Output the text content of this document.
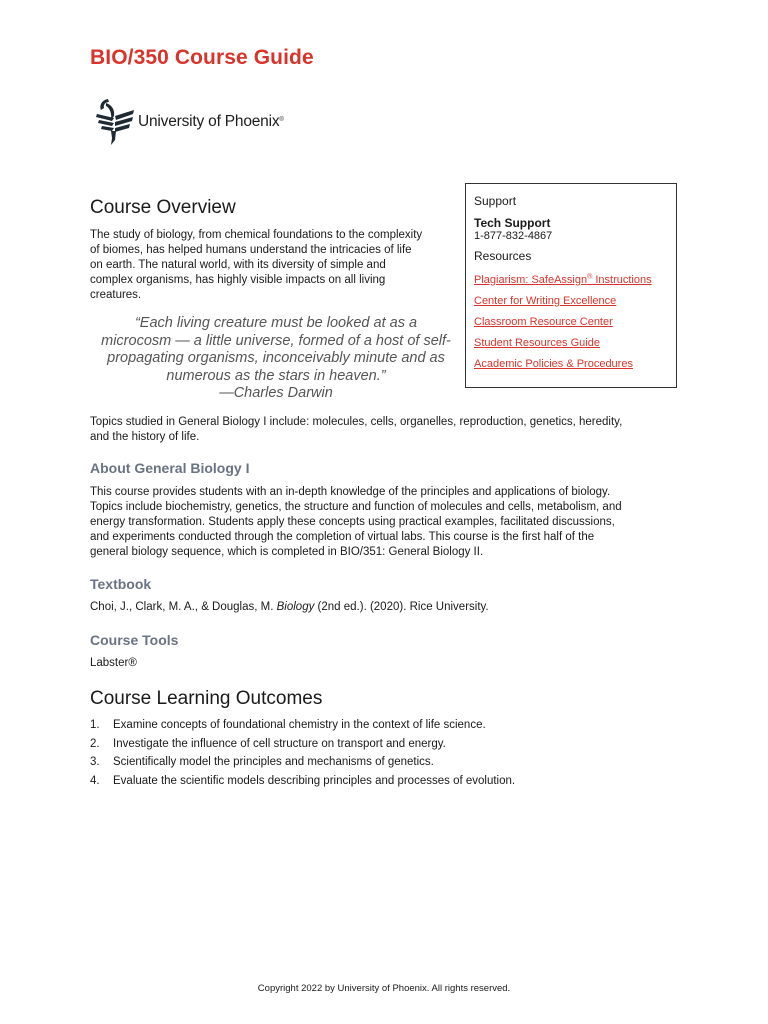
BIO/350 Course Guide
University of Phoenix®

Support

Tech Support

1-877-832-4867

Resources

Plagiarism: SafeAssign® Instructions
Center for Writing Excellence
Classroom Resource Center
Student Resources Guide
Academic Policies & Procedures
Course Overview

The study of biology, from chemical foundations to the complexity
of biomes, has helped humans understand the intricacies of life
on earth. The natural world, with its diversity of simple and
complex organisms, has highly visible impacts on all living
creatures.

“Each living creature must be looked at as a
microcosm — a little universe, formed of a host of self-
propagating organisms, inconceivably minute and as
numerous as the stars in heaven.”
—Charles Darwin

Topics studied in General Biology I include: molecules, cells, organelles, reproduction, genetics, heredity,
and the history of life.

About General Biology I

This course provides students with an in-depth knowledge of the principles and applications of biology.
Topics include biochemistry, genetics, the structure and function of molecules and cells, metabolism, and
energy transformation. Students apply these concepts using practical examples, facilitated discussions,
and experiments conducted through the completion of virtual labs. This course is the first half of the
general biology sequence, which is completed in BIO/351: General Biology II.

Textbook

Choi, J., Clark, M. A., & Douglas, M. Biology (2nd ed.). (2020). Rice University.

Course Tools

Labster®

Course Learning Outcomes
1.	Examine concepts of foundational chemistry in the context of life science.
2.	Investigate the influence of cell structure on transport and energy.
3.	Scientifically model the principles and mechanisms of genetics.
4.	Evaluate the scientific models describing principles and processes of evolution.

Copyright 2022 by University of Phoenix. All rights reserved.
